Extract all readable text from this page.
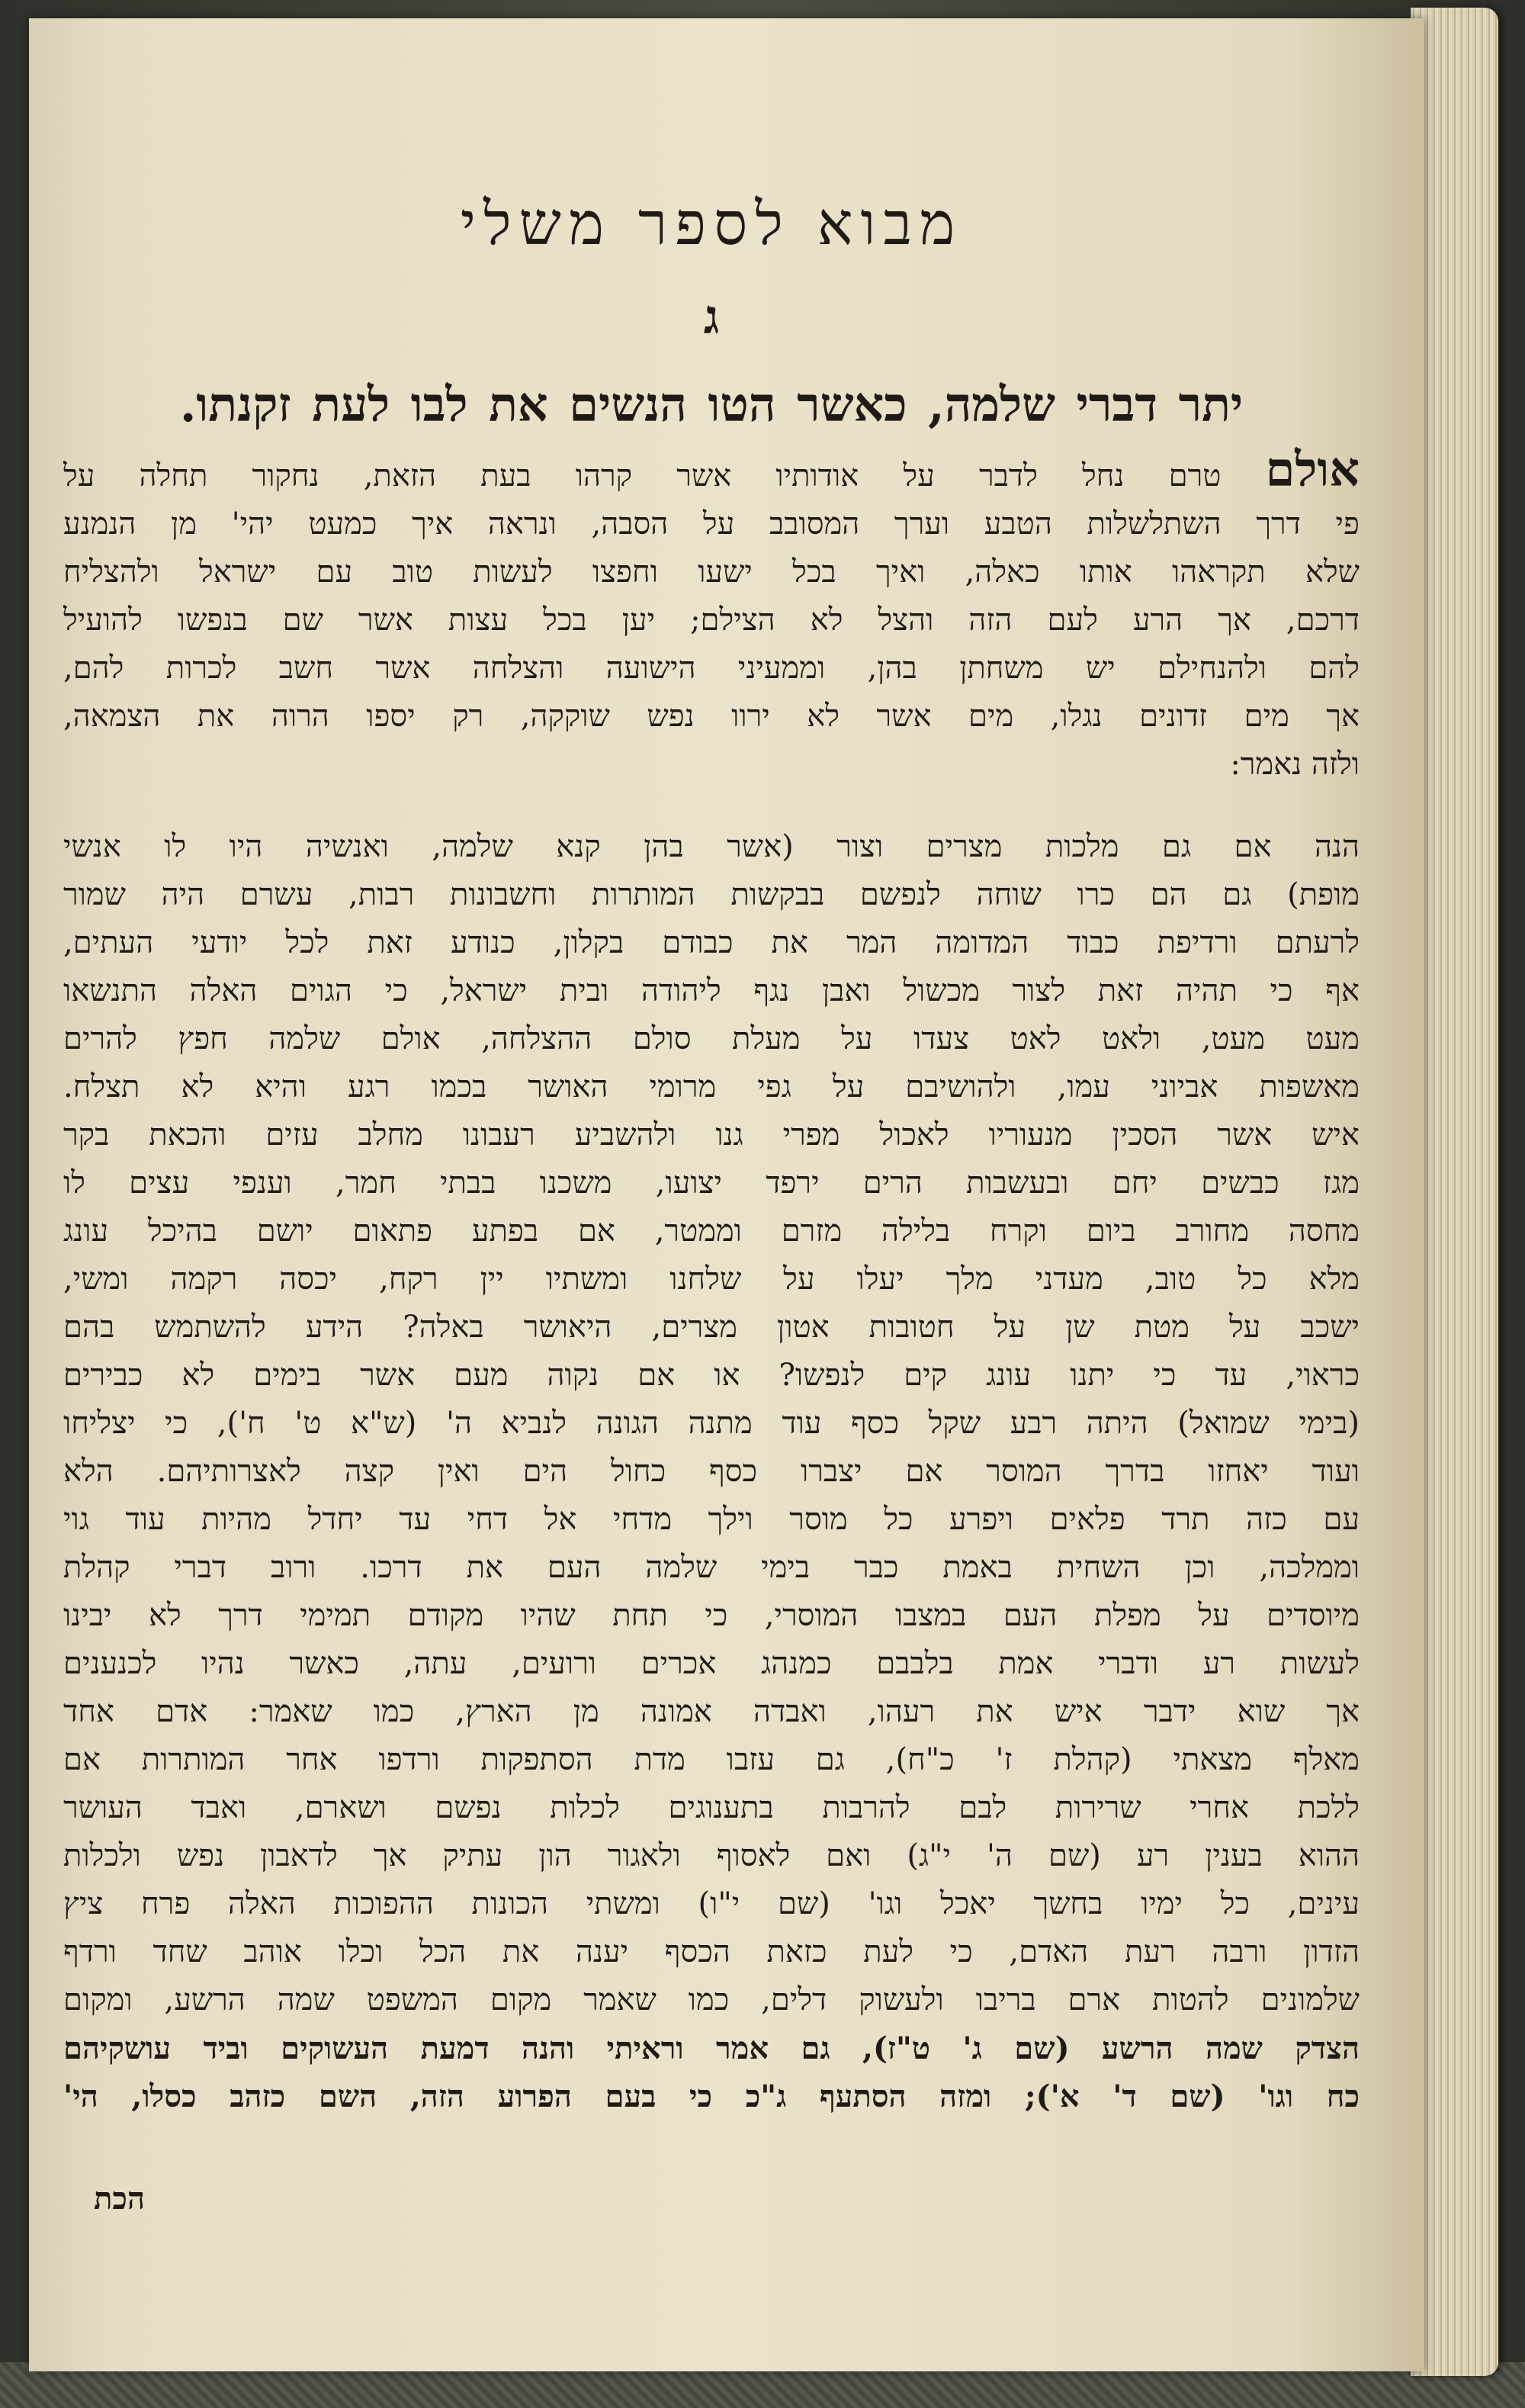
מבוא לספר משלי
ג
יתר דברי שלמה, כאשר הטו הנשים את לבו לעת זקנתו.
אולם טרם נחל לדבר על אודותיו אשר קרהו בעת הזאת, נחקור תחלה על
פי דרך השתלשלות הטבע וערך המסובב על הסבה, ונראה איך כמעט יהי' מן הנמנע
שלא תקראהו אותו כאלה, ואיך בכל ישעו וחפצו לעשות טוב עם ישראל ולהצליח
דרכם, אך הרע לעם הזה והצל לא הצילם; יען בכל עצות אשר שם בנפשו להועיל
להם ולהנחילם יש משחתן בהן, וממעיני הישועה והצלחה אשר חשב לכרות להם,
אך מים זדונים נגלו, מים אשר לא ירוו נפש שוקקה, רק יספו הרוה את הצמאה,
ולזה נאמר:
הנה אם גם מלכות מצרים וצור (אשר בהן קנא שלמה, ואנשיה היו לו אנשי
מופת) גם הם כרו שוחה לנפשם בבקשות המותרות וחשבונות רבות, עשרם היה שמור
לרעתם ורדיפת כבוד המדומה המר את כבודם בקלון, כנודע זאת לכל יודעי העתים,
אף כי תהיה זאת לצור מכשול ואבן נגף ליהודה ובית ישראל, כי הגוים האלה התנשאו
מעט מעט, ולאט לאט צעדו על מעלת סולם ההצלחה, אולם שלמה חפץ להרים
מאשפות אביוני עמו, ולהושיבם על גפי מרומי האושר בכמו רגע והיא לא תצלח.
איש אשר הסכין מנעוריו לאכול מפרי גנו ולהשביע רעבונו מחלב עזים והכאת בקר
מגז כבשים יחם ובעשבות הרים ירפד יצועו, משכנו בבתי חמר, וענפי עצים לו
מחסה מחורב ביום וקרח בלילה מזרם וממטר, אם בפתע פתאום יושם בהיכל עונג
מלא כל טוב, מעדני מלך יעלו על שלחנו ומשתיו יין רקח, יכסה רקמה ומשי,
ישכב על מטת שן על חטובות אטון מצרים, היאושר באלה? הידע להשתמש בהם
כראוי, עד כי יתנו עונג קים לנפשו? או אם נקוה מעם אשר בימים לא כבירים
(בימי שמואל) היתה רבע שקל כסף עוד מתנה הגונה לנביא ה' (ש"א ט' ח'), כי יצליחו
ועוד יאחזו בדרך המוסר אם יצברו כסף כחול הים ואין קצה לאצרותיהם. הלא
עם כזה תרד פלאים ויפרע כל מוסר וילך מדחי אל דחי עד יחדל מהיות עוד גוי
וממלכה, וכן השחית באמת כבר בימי שלמה העם את דרכו. ורוב דברי קהלת
מיוסדים על מפלת העם במצבו המוסרי, כי תחת שהיו מקודם תמימי דרך לא יבינו
לעשות רע ודברי אמת בלבבם כמנהג אכרים ורועים, עתה, כאשר נהיו לכנענים
אך שוא ידבר איש את רעהו, ואבדה אמונה מן הארץ, כמו שאמר: אדם אחד
מאלף מצאתי (קהלת ז' כ"ח), גם עזבו מדת הסתפקות ורדפו אחר המותרות אם
ללכת אחרי שרירות לבם להרבות בתענוגים לכלות נפשם ושארם, ואבד העושר
ההוא בענין רע (שם ה' י"ג) ואם לאסוף ולאגור הון עתיק אך לדאבון נפש ולכלות
עינים, כל ימיו בחשך יאכל וגו' (שם י"ו) ומשתי הכונות ההפוכות האלה פרח ציץ
הזדון ורבה רעת האדם, כי לעת כזאת הכסף יענה את הכל וכלו אוהב שחד ורדף
שלמונים להטות ארם בריבו ולעשוק דלים, כמו שאמר מקום המשפט שמה הרשע, ומקום
הצדק שמה הרשע (שם ג' ט"ז), גם אמר וראיתי והנה דמעת העשוקים וביד עושקיהם
כח וגו' (שם ד' א'); ומזה הסתעף ג"כ כי בעם הפרוע הזה, השם כזהב כסלו, הי'
הכת
